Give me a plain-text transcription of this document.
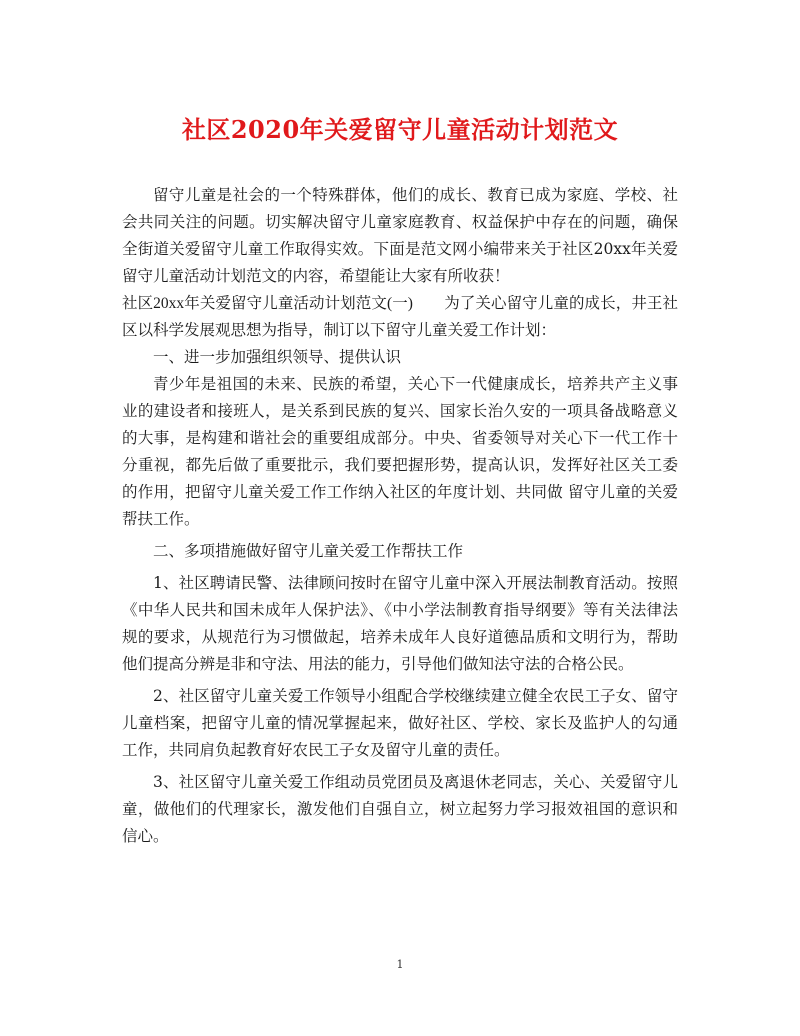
社区2020年关爱留守儿童活动计划范文

留守儿童是社会的一个特殊群体，他们的成长、教育已成为家庭、学校、社会共同关注的问题。切实解决留守儿童家庭教育、权益保护中存在的问题，确保全街道关爱留守儿童工作取得实效。下面是范文网小编带来关于社区20xx年关爱留守儿童活动计划范文的内容，希望能让大家有所收获！

社区20xx年关爱留守儿童活动计划范文(一)　　为了关心留守儿童的成长，井王社区以科学发展观思想为指导，制订以下留守儿童关爱工作计划：

一、进一步加强组织领导、提供认识

青少年是祖国的未来、民族的希望，关心下一代健康成长，培养共产主义事业的建设者和接班人，是关系到民族的复兴、国家长治久安的一项具备战略意义的大事，是构建和谐社会的重要组成部分。中央、省委领导对关心下一代工作十分重视，都先后做了重要批示，我们要把握形势，提高认识，发挥好社区关工委的作用，把留守儿童关爱工作工作纳入社区的年度计划、共同做 留守儿童的关爱帮扶工作。

二、多项措施做好留守儿童关爱工作帮扶工作

1、社区聘请民警、法律顾问按时在留守儿童中深入开展法制教育活动。按照《中华人民共和国未成年人保护法》、《中小学法制教育指导纲要》等有关法律法规的要求，从规范行为习惯做起，培养未成年人良好道德品质和文明行为，帮助他们提高分辨是非和守法、用法的能力，引导他们做知法守法的合格公民。

2、社区留守儿童关爱工作领导小组配合学校继续建立健全农民工子女、留守儿童档案，把留守儿童的情况掌握起来，做好社区、学校、家长及监护人的勾通工作，共同肩负起教育好农民工子女及留守儿童的责任。

3、社区留守儿童关爱工作组动员党团员及离退休老同志，关心、关爱留守儿童，做他们的代理家长，激发他们自强自立，树立起努力学习报效祖国的意识和信心。

1
